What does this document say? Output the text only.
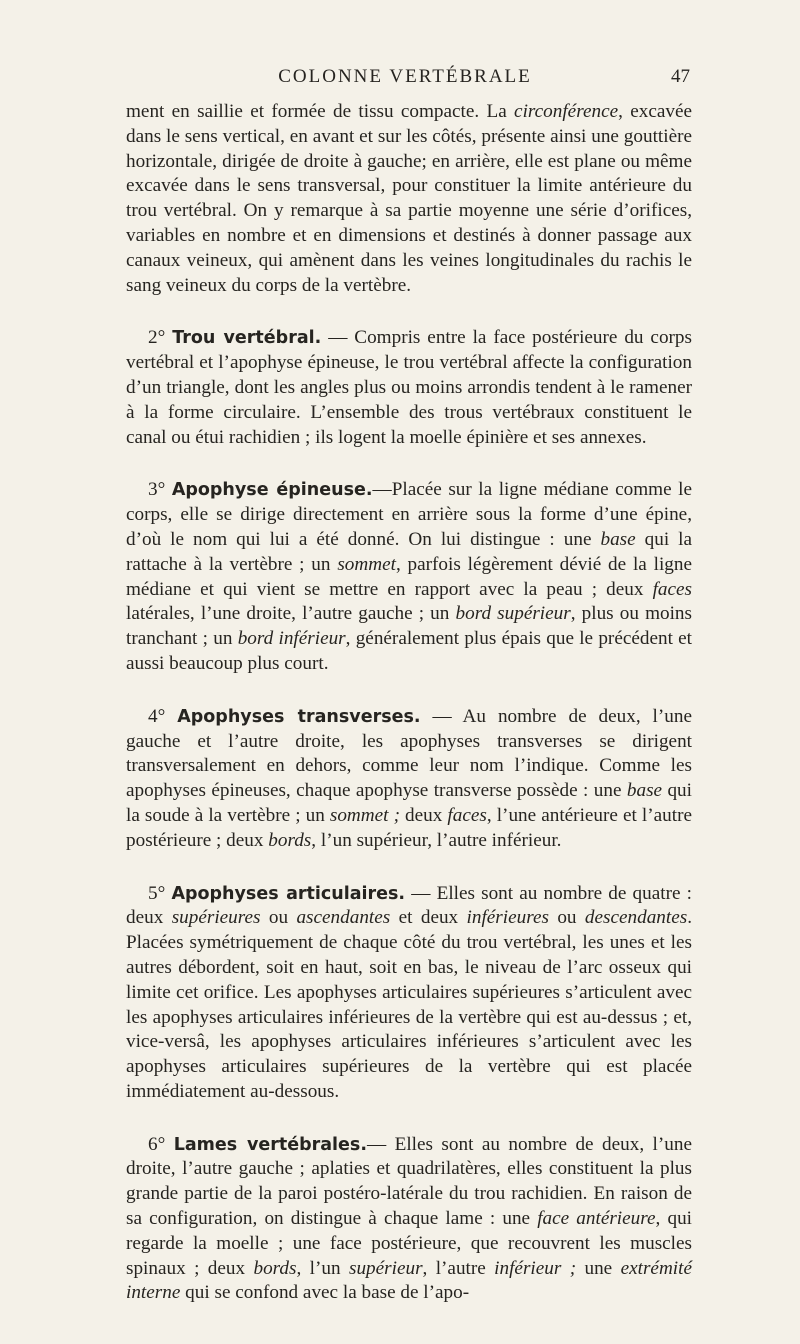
COLONNE VERTÉBRALE	47

ment en saillie et formée de tissu compacte. La circonférence, excavée dans le sens vertical, en avant et sur les côtés, présente ainsi une gouttière horizontale, dirigée de droite à gauche; en arrière, elle est plane ou même excavée dans le sens transversal, pour constituer la limite antérieure du trou vertébral. On y remarque à sa partie moyenne une série d’orifices, variables en nombre et en dimensions et destinés à donner passage aux canaux veineux, qui amènent dans les veines longitudinales du rachis le sang veineux du corps de la vertèbre.

2° Trou vertébral. — Compris entre la face postérieure du corps vertébral et l’apophyse épineuse, le trou vertébral affecte la configuration d’un triangle, dont les angles plus ou moins arrondis tendent à le ramener à la forme circulaire. L’ensemble des trous vertébraux constituent le canal ou étui rachidien ; ils logent la moelle épinière et ses annexes.

3° Apophyse épineuse.—Placée sur la ligne médiane comme le corps, elle se dirige directement en arrière sous la forme d’une épine, d’où le nom qui lui a été donné. On lui distingue : une base qui la rattache à la vertèbre ; un sommet, parfois légèrement dévié de la ligne médiane et qui vient se mettre en rapport avec la peau ; deux faces latérales, l’une droite, l’autre gauche ; un bord supérieur, plus ou moins tranchant ; un bord inférieur, généralement plus épais que le précédent et aussi beaucoup plus court.

4° Apophyses transverses. — Au nombre de deux, l’une gauche et l’autre droite, les apophyses transverses se dirigent transversalement en dehors, comme leur nom l’indique. Comme les apophyses épineuses, chaque apophyse transverse possède : une base qui la soude à la vertèbre ; un sommet ; deux faces, l’une antérieure et l’autre postérieure ; deux bords, l’un supérieur, l’autre inférieur.

5° Apophyses articulaires. — Elles sont au nombre de quatre : deux supérieures ou ascendantes et deux inférieures ou descendantes. Placées symétriquement de chaque côté du trou vertébral, les unes et les autres débordent, soit en haut, soit en bas, le niveau de l’arc osseux qui limite cet orifice. Les apophyses articulaires supérieures s’articulent avec les apophyses articulaires inférieures de la vertèbre qui est au-dessus ; et, vice-versâ, les apophyses articulaires inférieures s’articulent avec les apophyses articulaires supérieures de la vertèbre qui est placée immédiatement au-dessous.

6° Lames vertébrales.— Elles sont au nombre de deux, l’une droite, l’autre gauche ; aplaties et quadrilatères, elles constituent la plus grande partie de la paroi postéro-latérale du trou rachidien. En raison de sa configuration, on distingue à chaque lame : une face antérieure, qui regarde la moelle ; une face postérieure, que recouvrent les muscles spinaux ; deux bords, l’un supérieur, l’autre inférieur ; une extrémité interne qui se confond avec la base de l’apo-
